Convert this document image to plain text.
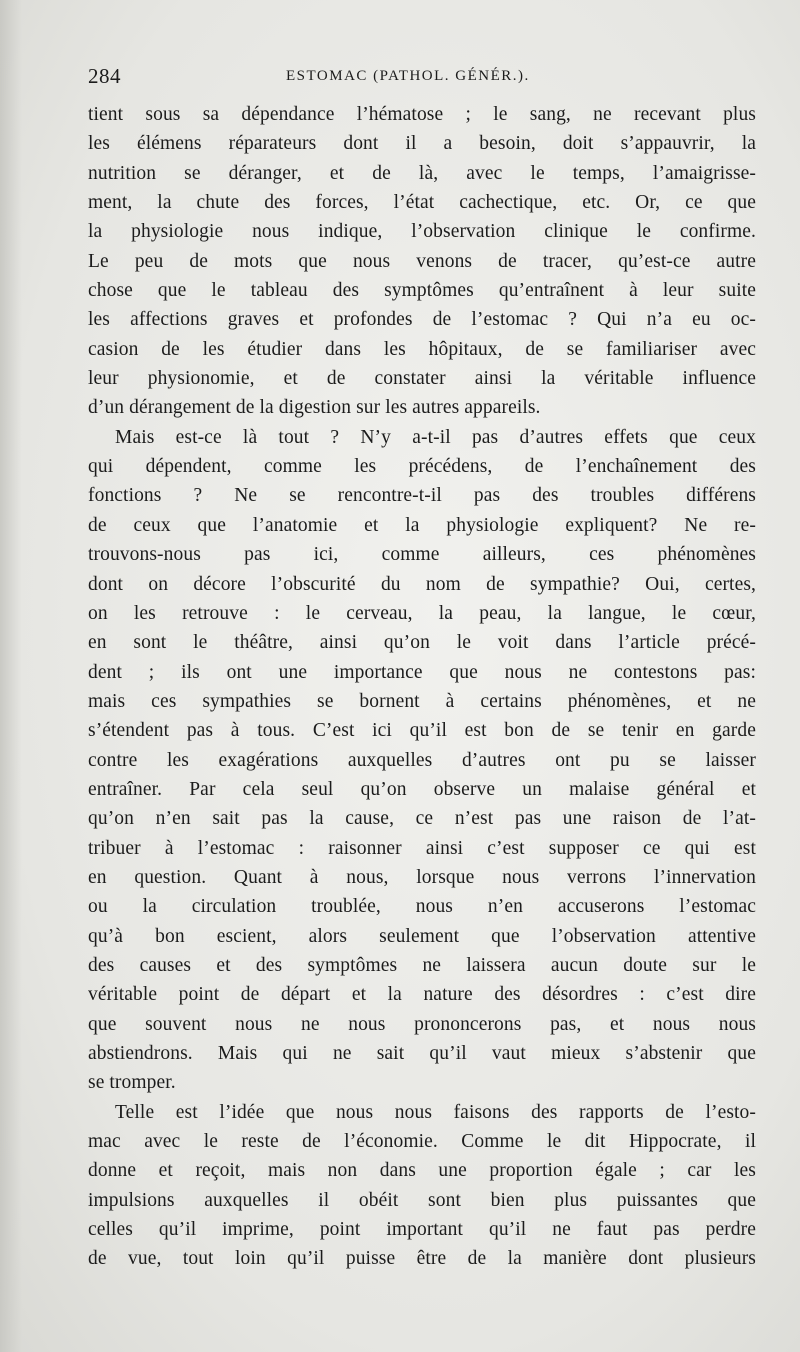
284	ESTOMAC (PATHOL. GÉNÉR.).
tient sous sa dépendance l’hématose ; le sang, ne recevant plus
les élémens réparateurs dont il a besoin, doit s’appauvrir, la
nutrition se déranger, et de là, avec le temps, l’amaigrisse-
ment, la chute des forces, l’état cachectique, etc. Or, ce que
la physiologie nous indique, l’observation clinique le confirme.
Le peu de mots que nous venons de tracer, qu’est-ce autre
chose que le tableau des symptômes qu’entraînent à leur suite
les affections graves et profondes de l’estomac ? Qui n’a eu oc-
casion de les étudier dans les hôpitaux, de se familiariser avec
leur physionomie, et de constater ainsi la véritable influence
d’un dérangement de la digestion sur les autres appareils.
Mais est-ce là tout ? N’y a-t-il pas d’autres effets que ceux
qui dépendent, comme les précédens, de l’enchaînement des
fonctions ? Ne se rencontre-t-il pas des troubles différens
de ceux que l’anatomie et la physiologie expliquent? Ne re-
trouvons-nous pas ici, comme ailleurs, ces phénomènes
dont on décore l’obscurité du nom de sympathie? Oui, certes,
on les retrouve : le cerveau, la peau, la langue, le cœur,
en sont le théâtre, ainsi qu’on le voit dans l’article précé-
dent ; ils ont une importance que nous ne contestons pas:
mais ces sympathies se bornent à certains phénomènes, et ne
s’étendent pas à tous. C’est ici qu’il est bon de se tenir en garde
contre les exagérations auxquelles d’autres ont pu se laisser
entraîner. Par cela seul qu’on observe un malaise général et
qu’on n’en sait pas la cause, ce n’est pas une raison de l’at-
tribuer à l’estomac : raisonner ainsi c’est supposer ce qui est
en question. Quant à nous, lorsque nous verrons l’innervation
ou la circulation troublée, nous n’en accuserons l’estomac
qu’à bon escient, alors seulement que l’observation attentive
des causes et des symptômes ne laissera aucun doute sur le
véritable point de départ et la nature des désordres : c’est dire
que souvent nous ne nous prononcerons pas, et nous nous
abstiendrons. Mais qui ne sait qu’il vaut mieux s’abstenir que
se tromper.
Telle est l’idée que nous nous faisons des rapports de l’esto-
mac avec le reste de l’économie. Comme le dit Hippocrate, il
donne et reçoit, mais non dans une proportion égale ; car les
impulsions auxquelles il obéit sont bien plus puissantes que
celles qu’il imprime, point important qu’il ne faut pas perdre
de vue, tout loin qu’il puisse être de la manière dont plusieurs
